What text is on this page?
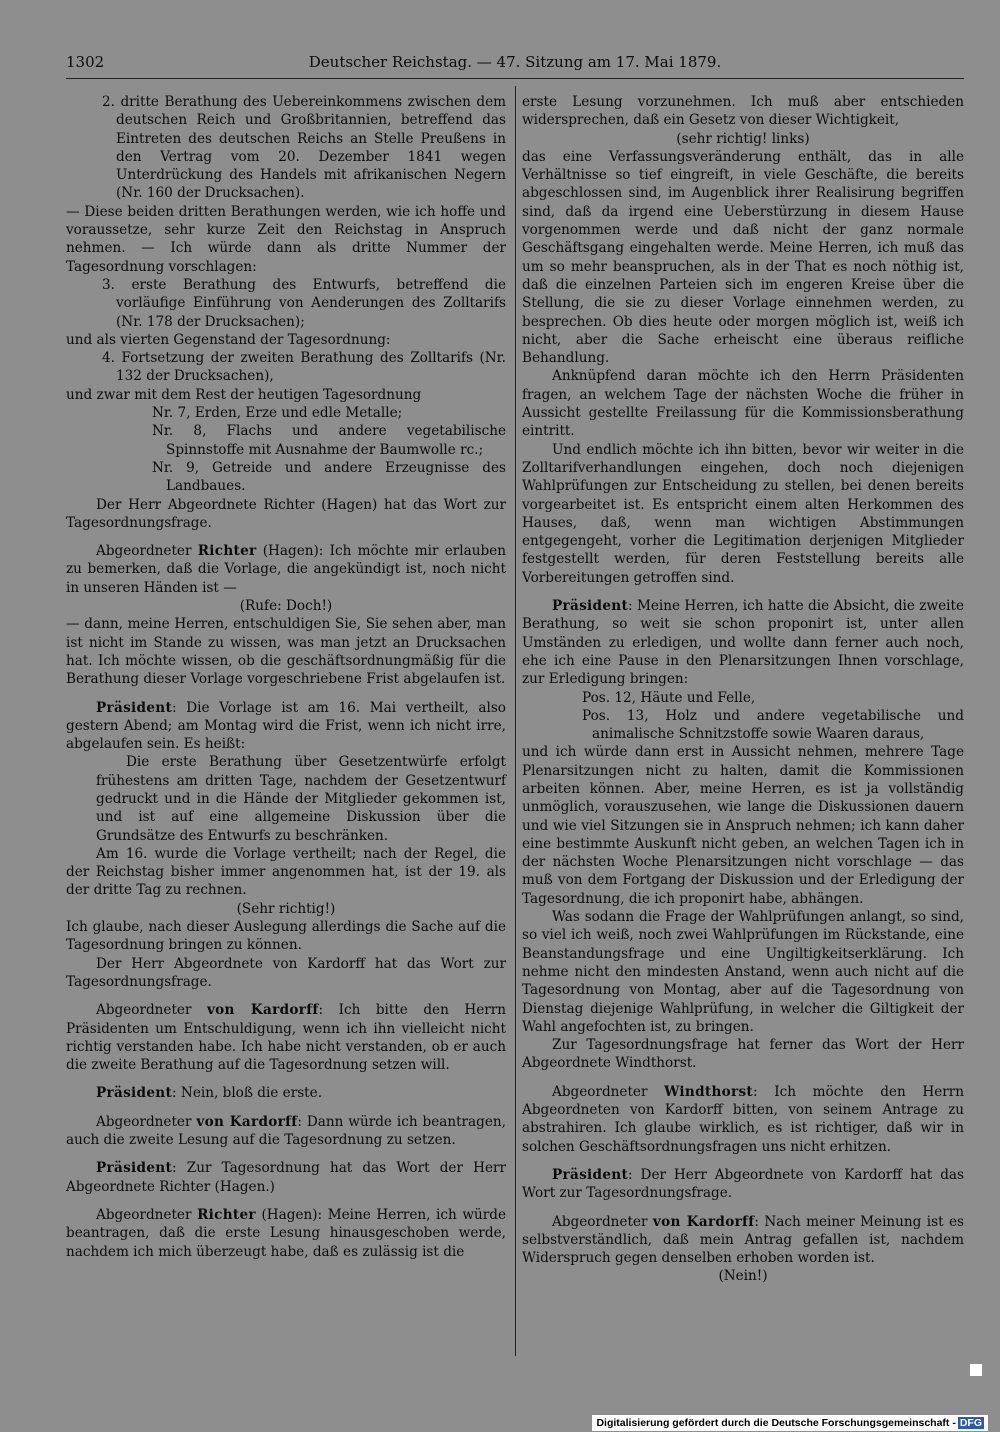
1302	Deutscher Reichstag. — 47. Sitzung am 17. Mai 1879.

2. dritte Berathung des Uebereinkommens zwischen dem deutschen Reich und Großbritannien, betreffend das Eintreten des deutschen Reichs an Stelle Preußens in den Vertrag vom 20. Dezember 1841 wegen Unterdrückung des Handels mit afrikanischen Negern (Nr. 160 der Drucksachen).

— Diese beiden dritten Berathungen werden, wie ich hoffe und voraussetze, sehr kurze Zeit den Reichstag in Anspruch nehmen. — Ich würde dann als dritte Nummer der Tagesordnung vorschlagen:

3. erste Berathung des Entwurfs, betreffend die vorläufige Einführung von Aenderungen des Zolltarifs (Nr. 178 der Drucksachen);

und als vierten Gegenstand der Tagesordnung:

4. Fortsetzung der zweiten Berathung des Zolltarifs (Nr. 132 der Drucksachen),

und zwar mit dem Rest der heutigen Tagesordnung

Nr. 7, Erden, Erze und edle Metalle;

Nr. 8, Flachs und andere vegetabilische Spinnstoffe mit Ausnahme der Baumwolle rc.;

Nr. 9, Getreide und andere Erzeugnisse des Landbaues.

Der Herr Abgeordnete Richter (Hagen) hat das Wort zur Tagesordnungsfrage.

Abgeordneter Richter (Hagen): Ich möchte mir erlauben zu bemerken, daß die Vorlage, die angekündigt ist, noch nicht in unseren Händen ist —

(Rufe: Doch!)

— dann, meine Herren, entschuldigen Sie, Sie sehen aber, man ist nicht im Stande zu wissen, was man jetzt an Drucksachen hat. Ich möchte wissen, ob die geschäftsordnungmäßig für die Berathung dieser Vorlage vorgeschriebene Frist abgelaufen ist.

Präsident: Die Vorlage ist am 16. Mai vertheilt, also gestern Abend; am Montag wird die Frist, wenn ich nicht irre, abgelaufen sein. Es heißt:

Die erste Berathung über Gesetzentwürfe erfolgt frühestens am dritten Tage, nachdem der Gesetzentwurf gedruckt und in die Hände der Mitglieder gekommen ist, und ist auf eine allgemeine Diskussion über die Grundsätze des Entwurfs zu beschränken.

Am 16. wurde die Vorlage vertheilt; nach der Regel, die der Reichstag bisher immer angenommen hat, ist der 19. als der dritte Tag zu rechnen.

(Sehr richtig!)

Ich glaube, nach dieser Auslegung allerdings die Sache auf die Tagesordnung bringen zu können.

Der Herr Abgeordnete von Kardorff hat das Wort zur Tagesordnungsfrage.

Abgeordneter von Kardorff: Ich bitte den Herrn Präsidenten um Entschuldigung, wenn ich ihn vielleicht nicht richtig verstanden habe. Ich habe nicht verstanden, ob er auch die zweite Berathung auf die Tagesordnung setzen will.

Präsident: Nein, bloß die erste.

Abgeordneter von Kardorff: Dann würde ich beantragen, auch die zweite Lesung auf die Tagesordnung zu setzen.

Präsident: Zur Tagesordnung hat das Wort der Herr Abgeordnete Richter (Hagen.)

Abgeordneter Richter (Hagen): Meine Herren, ich würde beantragen, daß die erste Lesung hinausgeschoben werde, nachdem ich mich überzeugt habe, daß es zulässig ist die

erste Lesung vorzunehmen. Ich muß aber entschieden widersprechen, daß ein Gesetz von dieser Wichtigkeit,

(sehr richtig! links)

das eine Verfassungsveränderung enthält, das in alle Verhältnisse so tief eingreift, in viele Geschäfte, die bereits abgeschlossen sind, im Augenblick ihrer Realisirung begriffen sind, daß da irgend eine Ueberstürzung in diesem Hause vorgenommen werde und daß nicht der ganz normale Geschäftsgang eingehalten werde. Meine Herren, ich muß das um so mehr beanspruchen, als in der That es noch nöthig ist, daß die einzelnen Parteien sich im engeren Kreise über die Stellung, die sie zu dieser Vorlage einnehmen werden, zu besprechen. Ob dies heute oder morgen möglich ist, weiß ich nicht, aber die Sache erheischt eine überaus reifliche Behandlung.

Anknüpfend daran möchte ich den Herrn Präsidenten fragen, an welchem Tage der nächsten Woche die früher in Aussicht gestellte Freilassung für die Kommissionsberathung eintritt.

Und endlich möchte ich ihn bitten, bevor wir weiter in die Zolltarifverhandlungen eingehen, doch noch diejenigen Wahlprüfungen zur Entscheidung zu stellen, bei denen bereits vorgearbeitet ist. Es entspricht einem alten Herkommen des Hauses, daß, wenn man wichtigen Abstimmungen entgegengeht, vorher die Legitimation derjenigen Mitglieder festgestellt werden, für deren Feststellung bereits alle Vorbereitungen getroffen sind.

Präsident: Meine Herren, ich hatte die Absicht, die zweite Berathung, so weit sie schon proponirt ist, unter allen Umständen zu erledigen, und wollte dann ferner auch noch, ehe ich eine Pause in den Plenarsitzungen Ihnen vorschlage, zur Erledigung bringen:

Pos. 12, Häute und Felle,

Pos. 13, Holz und andere vegetabilische und animalische Schnitzstoffe sowie Waaren daraus,

und ich würde dann erst in Aussicht nehmen, mehrere Tage Plenarsitzungen nicht zu halten, damit die Kommissionen arbeiten können. Aber, meine Herren, es ist ja vollständig unmöglich, vorauszusehen, wie lange die Diskussionen dauern und wie viel Sitzungen sie in Anspruch nehmen; ich kann daher eine bestimmte Auskunft nicht geben, an welchen Tagen ich in der nächsten Woche Plenarsitzungen nicht vorschlage — das muß von dem Fortgang der Diskussion und der Erledigung der Tagesordnung, die ich proponirt habe, abhängen.

Was sodann die Frage der Wahlprüfungen anlangt, so sind, so viel ich weiß, noch zwei Wahlprüfungen im Rückstande, eine Beanstandungsfrage und eine Ungiltigkeitserklärung. Ich nehme nicht den mindesten Anstand, wenn auch nicht auf die Tagesordnung von Montag, aber auf die Tagesordnung von Dienstag diejenige Wahlprüfung, in welcher die Giltigkeit der Wahl angefochten ist, zu bringen.

Zur Tagesordnungsfrage hat ferner das Wort der Herr Abgeordnete Windthorst.

Abgeordneter Windthorst: Ich möchte den Herrn Abgeordneten von Kardorff bitten, von seinem Antrage zu abstrahiren. Ich glaube wirklich, es ist richtiger, daß wir in solchen Geschäftsordnungsfragen uns nicht erhitzen.

Präsident: Der Herr Abgeordnete von Kardorff hat das Wort zur Tagesordnungsfrage.

Abgeordneter von Kardorff: Nach meiner Meinung ist es selbstverständlich, daß mein Antrag gefallen ist, nachdem Widerspruch gegen denselben erhoben worden ist.

(Nein!)

Digitalisierung gefördert durch die Deutsche Forschungsgemeinschaft - DFG
